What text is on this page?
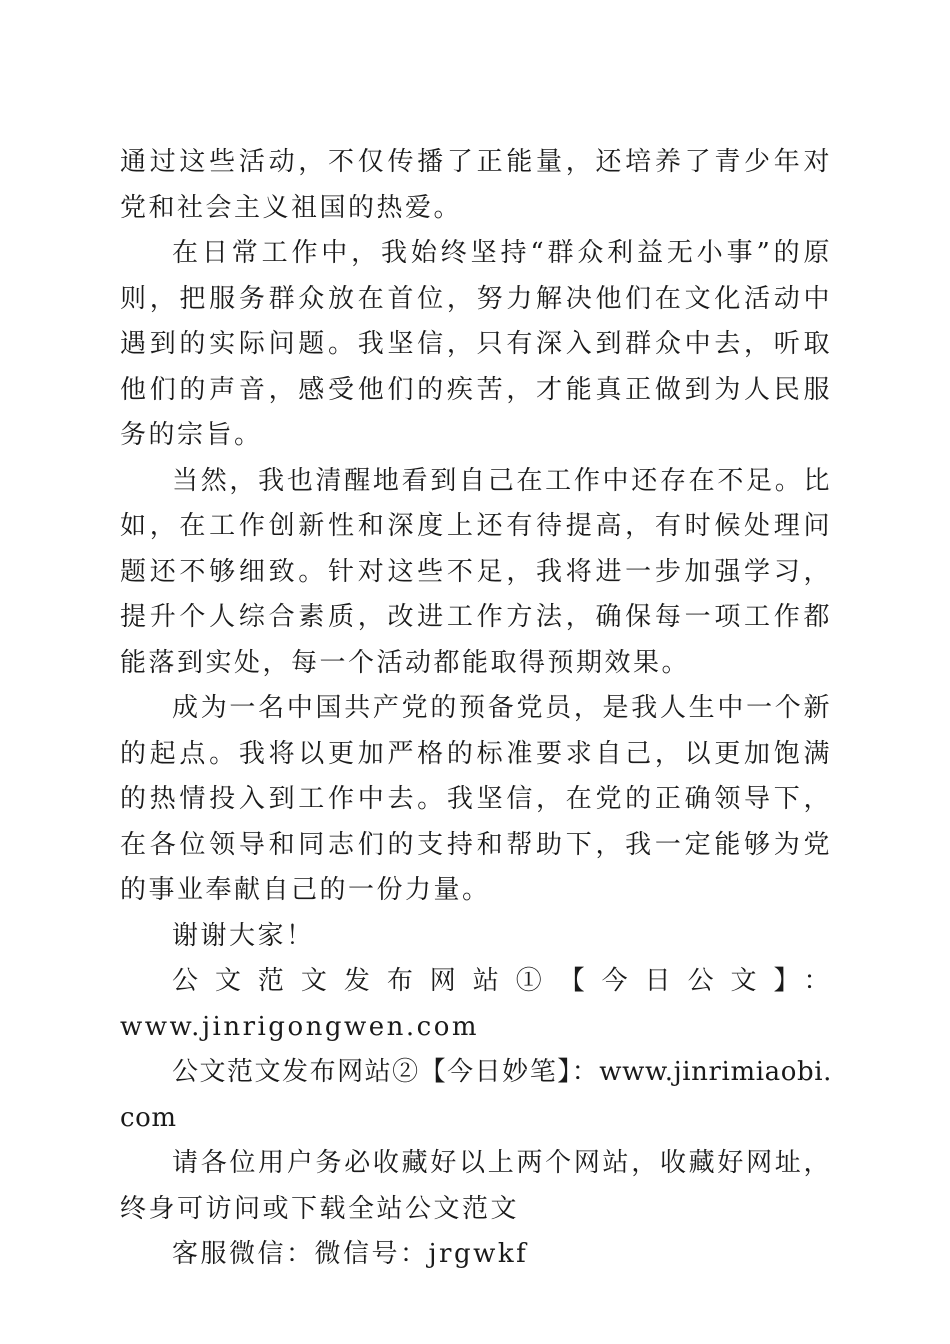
通过这些活动，不仅传播了正能量，还培养了青少年对党和社会主义祖国的热爱。

在日常工作中，我始终坚持“群众利益无小事”的原则，把服务群众放在首位，努力解决他们在文化活动中遇到的实际问题。我坚信，只有深入到群众中去，听取他们的声音，感受他们的疾苦，才能真正做到为人民服务的宗旨。

当然，我也清醒地看到自己在工作中还存在不足。比如，在工作创新性和深度上还有待提高，有时候处理问题还不够细致。针对这些不足，我将进一步加强学习，提升个人综合素质，改进工作方法，确保每一项工作都能落到实处，每一个活动都能取得预期效果。

成为一名中国共产党的预备党员，是我人生中一个新的起点。我将以更加严格的标准要求自己，以更加饱满的热情投入到工作中去。我坚信，在党的正确领导下，在各位领导和同志们的支持和帮助下，我一定能够为党的事业奉献自己的一份力量。

谢谢大家！

公文范文发布网站①【今日公文】：

www.jinrigongwen.com

公文范文发布网站②【今日妙笔】：www.jinrimiaobi.com

请各位用户务必收藏好以上两个网站，收藏好网址，终身可访问或下载全站公文范文

客服微信：微信号：jrgwkf
